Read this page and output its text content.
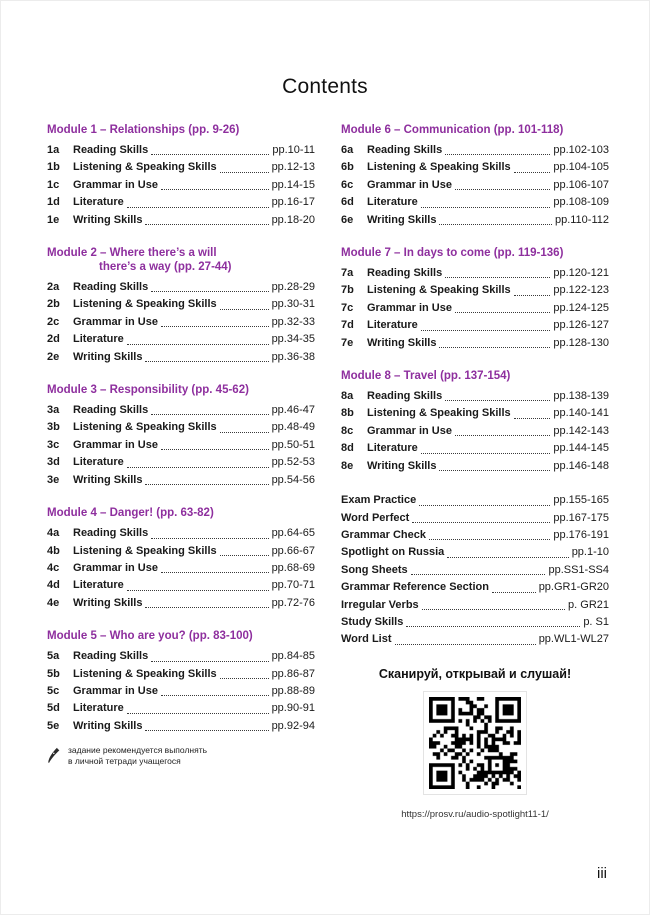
Contents
Module 1 – Relationships (pp. 9-26)
1a	Reading Skills	pp.10-11
1b	Listening & Speaking Skills	pp.12-13
1c	Grammar in Use	pp.14-15
1d	Literature	pp.16-17
1e	Writing Skills	pp.18-20
Module 2 – Where there’s a will
there’s a way (pp. 27-44)
2a	Reading Skills	pp.28-29
2b	Listening & Speaking Skills	pp.30-31
2c	Grammar in Use	pp.32-33
2d	Literature	pp.34-35
2e	Writing Skills	pp.36-38
Module 3 – Responsibility (pp. 45-62)
3a	Reading Skills	pp.46-47
3b	Listening & Speaking Skills	pp.48-49
3c	Grammar in Use	pp.50-51
3d	Literature	pp.52-53
3e	Writing Skills	pp.54-56
Module 4 – Danger! (pp. 63-82)
4a	Reading Skills	pp.64-65
4b	Listening & Speaking Skills	pp.66-67
4c	Grammar in Use	pp.68-69
4d	Literature	pp.70-71
4e	Writing Skills	pp.72-76
Module 5 – Who are you? (pp. 83-100)
5a	Reading Skills	pp.84-85
5b	Listening & Speaking Skills	pp.86-87
5c	Grammar in Use	pp.88-89
5d	Literature	pp.90-91
5e	Writing Skills	pp.92-94
Module 6 – Communication (pp. 101-118)
6a	Reading Skills	pp.102-103
6b	Listening & Speaking Skills	pp.104-105
6c	Grammar in Use	pp.106-107
6d	Literature	pp.108-109
6e	Writing Skills	pp.110-112
Module 7 – In days to come (pp. 119-136)
7a	Reading Skills	pp.120-121
7b	Listening & Speaking Skills	pp.122-123
7c	Grammar in Use	pp.124-125
7d	Literature	pp.126-127
7e	Writing Skills	pp.128-130
Module 8 – Travel (pp. 137-154)
8a	Reading Skills	pp.138-139
8b	Listening & Speaking Skills	pp.140-141
8c	Grammar in Use	pp.142-143
8d	Literature	pp.144-145
8e	Writing Skills	pp.146-148
Exam Practice	pp.155-165
Word Perfect	pp.167-175
Grammar Check	pp.176-191
Spotlight on Russia	pp.1-10
Song Sheets	pp.SS1-SS4
Grammar Reference Section	pp.GR1-GR20
Irregular Verbs	p. GR21
Study Skills	p. S1
Word List	pp.WL1-WL27
Сканируй, открывай и слушай!
https://prosv.ru/audio-spotlight11-1/
задание рекомендуется выполнять
в личной тетради учащегося
iii
